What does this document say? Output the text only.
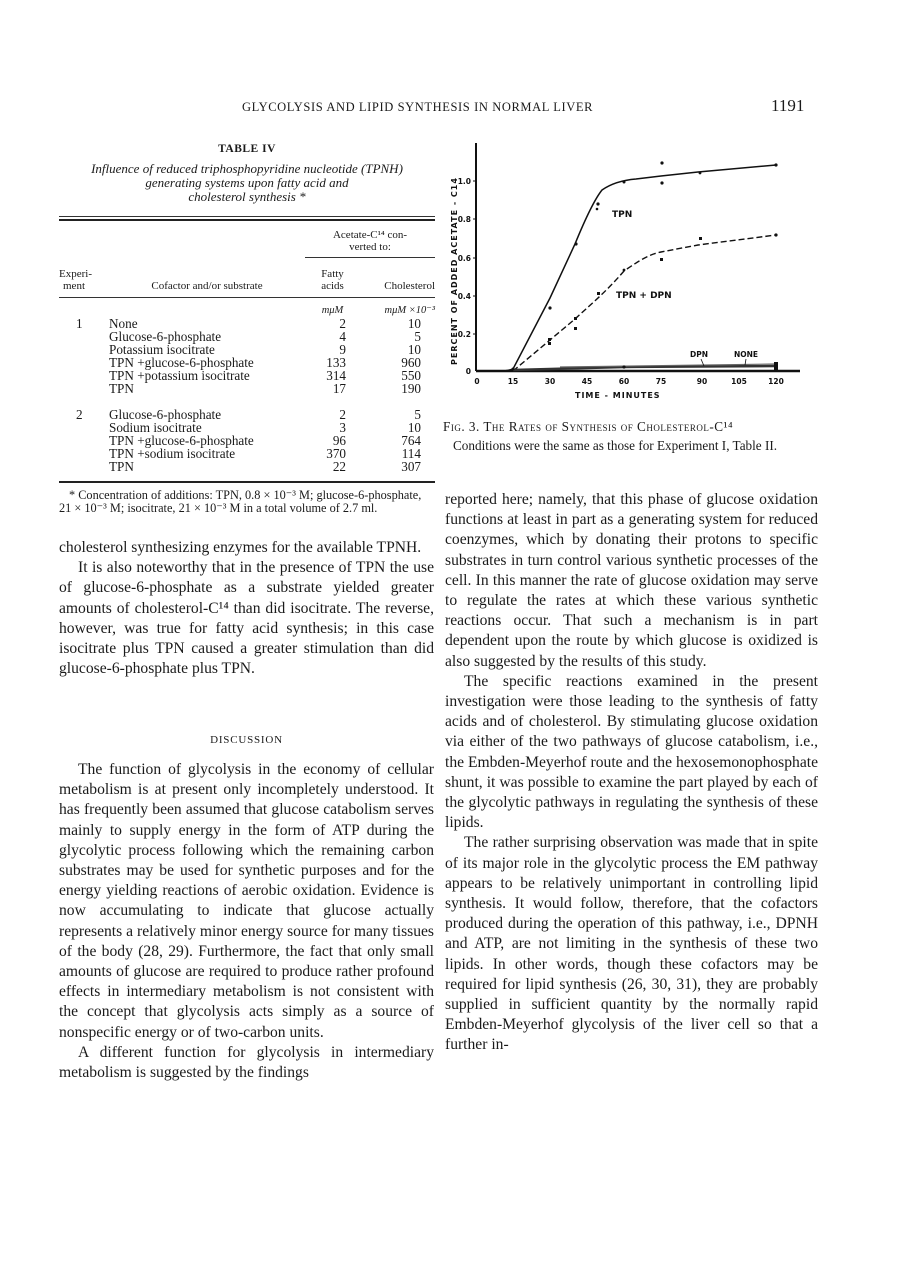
GLYCOLYSIS AND LIPID SYNTHESIS IN NORMAL LIVER	1191
TABLE IV
Influence of reduced triphosphopyridine nucleotide (TPNH)
generating systems upon fatty acid and
cholesterol synthesis *

		Acetate-C¹⁴ con-
verted to:	

Experi-
ment	Cofactor and/or substrate	
Fatty
acids	Cholesterol

		mμM	mμM ×10⁻³
1	None	2	10
	Glucose-6-phosphate	4	5
	Potassium isocitrate	9	10
	TPN +glucose-6-phosphate	133	960
	TPN +potassium isocitrate	314	550
	TPN	17	190

2	Glucose-6-phosphate	2	5
	Sodium isocitrate	3	10
	TPN +glucose-6-phosphate	96	764
	TPN +sodium isocitrate	370	114
	TPN	22	307
* Concentration of additions: TPN, 0.8 × 10⁻³ M; glucose-6-phosphate, 21 × 10⁻³ M; isocitrate, 21 × 10⁻³ M in a total volume of 2.7 ml.

cholesterol synthesizing enzymes for the available TPNH.

It is also noteworthy that in the presence of TPN the use of glucose-6-phosphate as a substrate yielded greater amounts of cholesterol-C¹⁴ than did isocitrate. The reverse, however, was true for fatty acid synthesis; in this case isocitrate plus TPN caused a greater stimulation than did glucose-6-phosphate plus TPN.

DISCUSSION

The function of glycolysis in the economy of cellular metabolism is at present only incompletely understood. It has frequently been assumed that glucose catabolism serves mainly to supply energy in the form of ATP during the glycolytic process following which the remaining carbon substrates may be used for synthetic purposes and for the energy yielding reactions of aerobic oxidation. Evidence is now accumulating to indicate that glucose actually represents a relatively minor energy source for many tissues of the body (28, 29). Furthermore, the fact that only small amounts of glucose are required to produce rather profound effects in intermediary metabolism is not consistent with the concept that glycolysis acts simply as a source of nonspecific energy or of two-carbon units.

A different function for glycolysis in intermediary metabolism is suggested by the findings

1.0
0.8
0.6
0.4
0.2
0
0	15	30	45	60	75	90	105	120
TIME - MINUTES
PERCENT OF ADDED ACETATE - C14	TPN
TPN + DPN
DPN	NONE
Fig. 3. The Rates of Synthesis of Cholesterol-C¹⁴
Conditions were the same as those for Experiment I, Table II.

reported here; namely, that this phase of glucose oxidation functions at least in part as a generating system for reduced coenzymes, which by donating their protons to specific substrates in turn control various synthetic processes of the cell. In this manner the rate of glucose oxidation may serve to regulate the rates at which these various synthetic reactions occur. That such a mechanism is in part dependent upon the route by which glucose is oxidized is also suggested by the results of this study.

The specific reactions examined in the present investigation were those leading to the synthesis of fatty acids and of cholesterol. By stimulating glucose oxidation via either of the two pathways of glucose catabolism, i.e., the Embden-Meyerhof route and the hexosemonophosphate shunt, it was possible to examine the part played by each of the glycolytic pathways in regulating the synthesis of these lipids.

The rather surprising observation was made that in spite of its major role in the glycolytic process the EM pathway appears to be relatively unimportant in controlling lipid synthesis. It would follow, therefore, that the cofactors produced during the operation of this pathway, i.e., DPNH and ATP, are not limiting in the synthesis of these two lipids. In other words, though these cofactors may be required for lipid synthesis (26, 30, 31), they are probably supplied in sufficient quantity by the normally rapid Embden-Meyerhof glycolysis of the liver cell so that a further in-
